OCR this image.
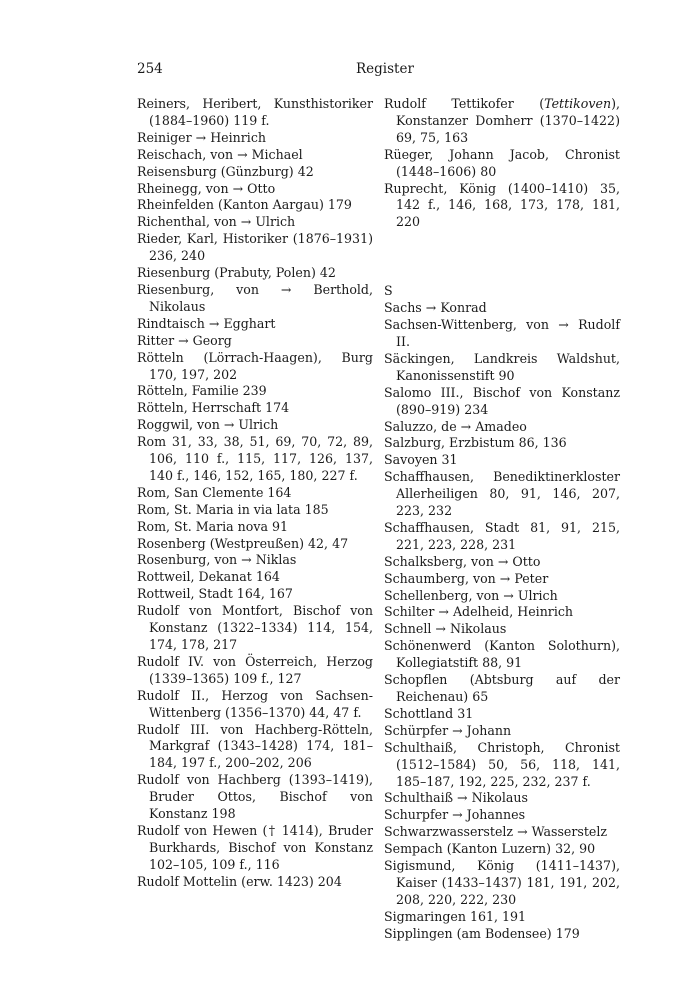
254	Register

Reiners, Heribert, Kunsthistoriker (1884–1960) 119 f.

Reiniger → Heinrich

Reischach, von → Michael

Reisensburg (Günzburg) 42

Rheinegg, von → Otto

Rheinfelden (Kanton Aargau) 179

Richenthal, von → Ulrich

Rieder, Karl, Historiker (1876–1931) 236, 240

Riesenburg (Prabuty, Polen) 42

Riesenburg, von → Berthold, Nikolaus

Rindtaisch → Egghart

Ritter → Georg

Rötteln (Lörrach-Haagen), Burg 170, 197, 202

Rötteln, Familie 239

Rötteln, Herrschaft 174

Roggwil, von → Ulrich

Rom 31, 33, 38, 51, 69, 70, 72, 89, 106, 110 f., 115, 117, 126, 137, 140 f., 146, 152, 165, 180, 227 f.

Rom, San Clemente 164

Rom, St. Maria in via lata 185

Rom, St. Maria nova 91

Rosenberg (Westpreußen) 42, 47

Rosenburg, von → Niklas

Rottweil, Dekanat 164

Rottweil, Stadt 164, 167

Rudolf von Montfort, Bischof von Konstanz (1322–1334) 114, 154, 174, 178, 217

Rudolf IV. von Österreich, Herzog (1339–1365) 109 f., 127

Rudolf II., Herzog von Sachsen-Wittenberg (1356–1370) 44, 47 f.

Rudolf III. von Hachberg-Rötteln, Markgraf (1343–1428) 174, 181–184, 197 f., 200–202, 206

Rudolf von Hachberg (1393–1419), Bruder Ottos, Bischof von Konstanz 198

Rudolf von Hewen († 1414), Bruder Burkhards, Bischof von Konstanz 102–105, 109 f., 116

Rudolf Mottelin (erw. 1423) 204

Rudolf Tettikofer (Tettikoven), Konstanzer Domherr (1370–1422) 69, 75, 163

Rüeger, Johann Jacob, Chronist (1448–1606) 80

Ruprecht, König (1400–1410) 35, 142 f., 146, 168, 173, 178, 181, 220

S

Sachs → Konrad

Sachsen-Wittenberg, von → Rudolf II.

Säckingen, Landkreis Waldshut, Kanonissenstift 90

Salomo III., Bischof von Konstanz (890–919) 234

Saluzzo, de → Amadeo

Salzburg, Erzbistum 86, 136

Savoyen 31

Schaffhausen, Benediktinerkloster Allerheiligen 80, 91, 146, 207, 223, 232

Schaffhausen, Stadt 81, 91, 215, 221, 223, 228, 231

Schalksberg, von → Otto

Schaumberg, von → Peter

Schellenberg, von → Ulrich

Schilter → Adelheid, Heinrich

Schnell → Nikolaus

Schönenwerd (Kanton Solothurn), Kollegiatstift 88, 91

Schopflen (Abtsburg auf der Reichenau) 65

Schottland 31

Schürpfer → Johann

Schulthaiß, Christoph, Chronist (1512–1584) 50, 56, 118, 141, 185–187, 192, 225, 232, 237 f.

Schulthaiß → Nikolaus

Schurpfer → Johannes

Schwarzwasserstelz → Wasserstelz

Sempach (Kanton Luzern) 32, 90

Sigismund, König (1411–1437), Kaiser (1433–1437) 181, 191, 202, 208, 220, 222, 230

Sigmaringen 161, 191

Sipplingen (am Bodensee) 179
